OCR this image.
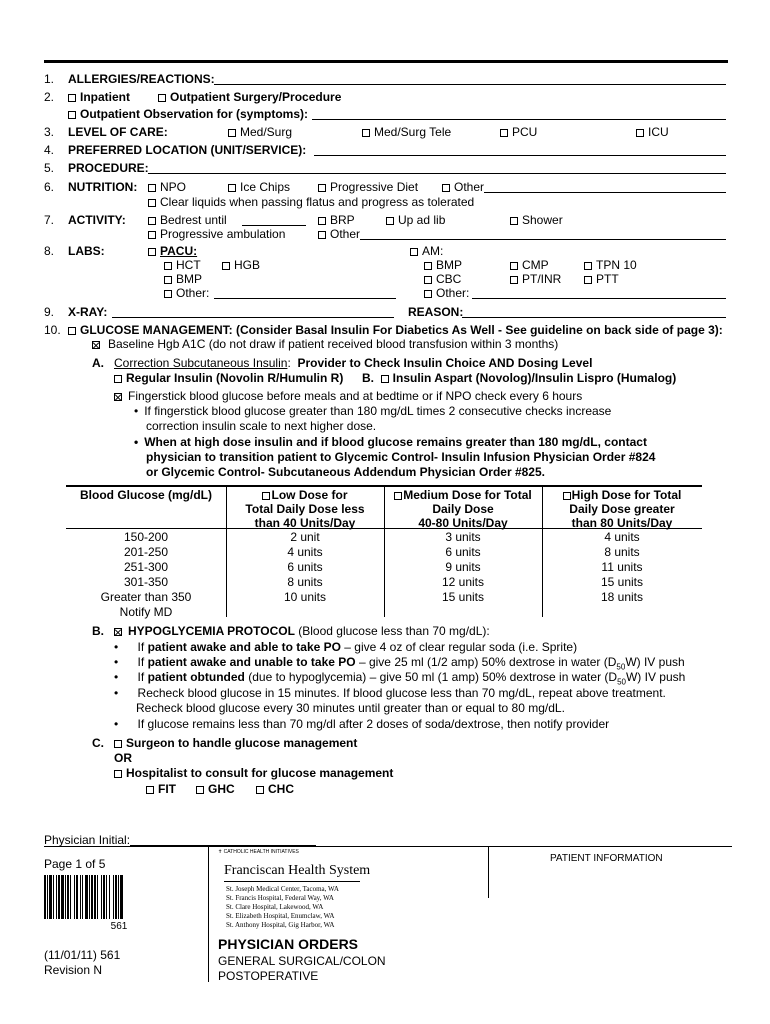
1. ALLERGIES/REACTIONS:
2.	Inpatient	Outpatient Surgery/Procedure
Outpatient Observation for (symptoms):
3. LEVEL OF CARE:	Med/Surg	Med/Surg Tele	PCU	ICU
4. PREFERRED LOCATION (UNIT/SERVICE):
5. PROCEDURE:
6. NUTRITION:	NPO	Ice Chips	Progressive Diet	Other
Clear liquids when passing flatus and progress as tolerated
7. ACTIVITY:	Bedrest until	BRP	Up ad lib	Shower
Progressive ambulation	Other
8. LABS:	PACU:
HCT	HGB
BMP
Other:
AM:
BMP	CMP	TPN 10
CBC	PT/INR	PTT
Other:
9. X-RAY:	REASON:
10.	GLUCOSE MANAGEMENT: (Consider Basal Insulin For Diabetics As Well - See guideline on back side of page 3):
Baseline Hgb A1C (do not draw if patient received blood transfusion within 3 months)
A. Correction Subcutaneous Insulin: Provider to Check Insulin Choice AND Dosing Level
Regular Insulin (Novolin R/Humulin R) B. Insulin Aspart (Novolog)/Insulin Lispro (Humalog)
Fingerstick blood glucose before meals and at bedtime or if NPO check every 6 hours
• If fingerstick blood glucose greater than 180 mg/dL times 2 consecutive checks increase
correction insulin scale to next higher dose.
• When at high dose insulin and if blood glucose remains greater than 180 mg/dL, contact
physician to transition patient to Glycemic Control- Insulin Infusion Physician Order #824
or Glycemic Control- Subcutaneous Addendum Physician Order #825.
Blood Glucose (mg/dL)	Low Dose for
Total Daily Dose less
than 40 Units/Day
Medium Dose for Total
Daily Dose
40-80 Units/Day
High Dose for Total
Daily Dose greater
than 80 Units/Day
150-200	2 unit	3 units	4 units
201-250	4 units	6 units	8 units
251-300	6 units	9 units	11 units
301-350	8 units	12 units	15 units
Greater than 350	10 units	15 units	18 units
Notify MD
B.	HYPOGLYCEMIA PROTOCOL (Blood glucose less than 70 mg/dL):
• If patient awake and able to take PO – give 4 oz of clear regular soda (i.e. Sprite)
• If patient awake and unable to take PO – give 25 ml (1/2 amp) 50% dextrose in water $(D_{50}W)$ IV push
• If patient obtunded (due to hypoglycemia) – give 50 ml (1 amp) 50% dextrose in water $(D_{50}W)$ IV push
• Recheck blood glucose in 15 minutes. If blood glucose less than 70 mg/dL, repeat above treatment.
Recheck blood glucose every 30 minutes until greater than or equal to 80 mg/dL.
• If glucose remains less than 70 mg/dl after 2 doses of soda/dextrose, then notify provider
C.	Surgeon to handle glucose management
OR
Hospitalist to consult for glucose management
FIT	GHC	CHC
Physician Initial:
Page 1 of 5
561
(11/01/11) 561
Revision N
✝ CATHOLIC HEALTH INITIATIVES
Franciscan Health System
St. Joseph Medical Center, Tacoma, WA
St. Francis Hospital, Federal Way, WA
St. Clare Hospital, Lakewood, WA
St. Elizabeth Hospital, Enumclaw, WA
St. Anthony Hospital, Gig Harbor, WA
PHYSICIAN ORDERS
GENERAL SURGICAL/COLON
POSTOPERATIVE
PATIENT INFORMATION
